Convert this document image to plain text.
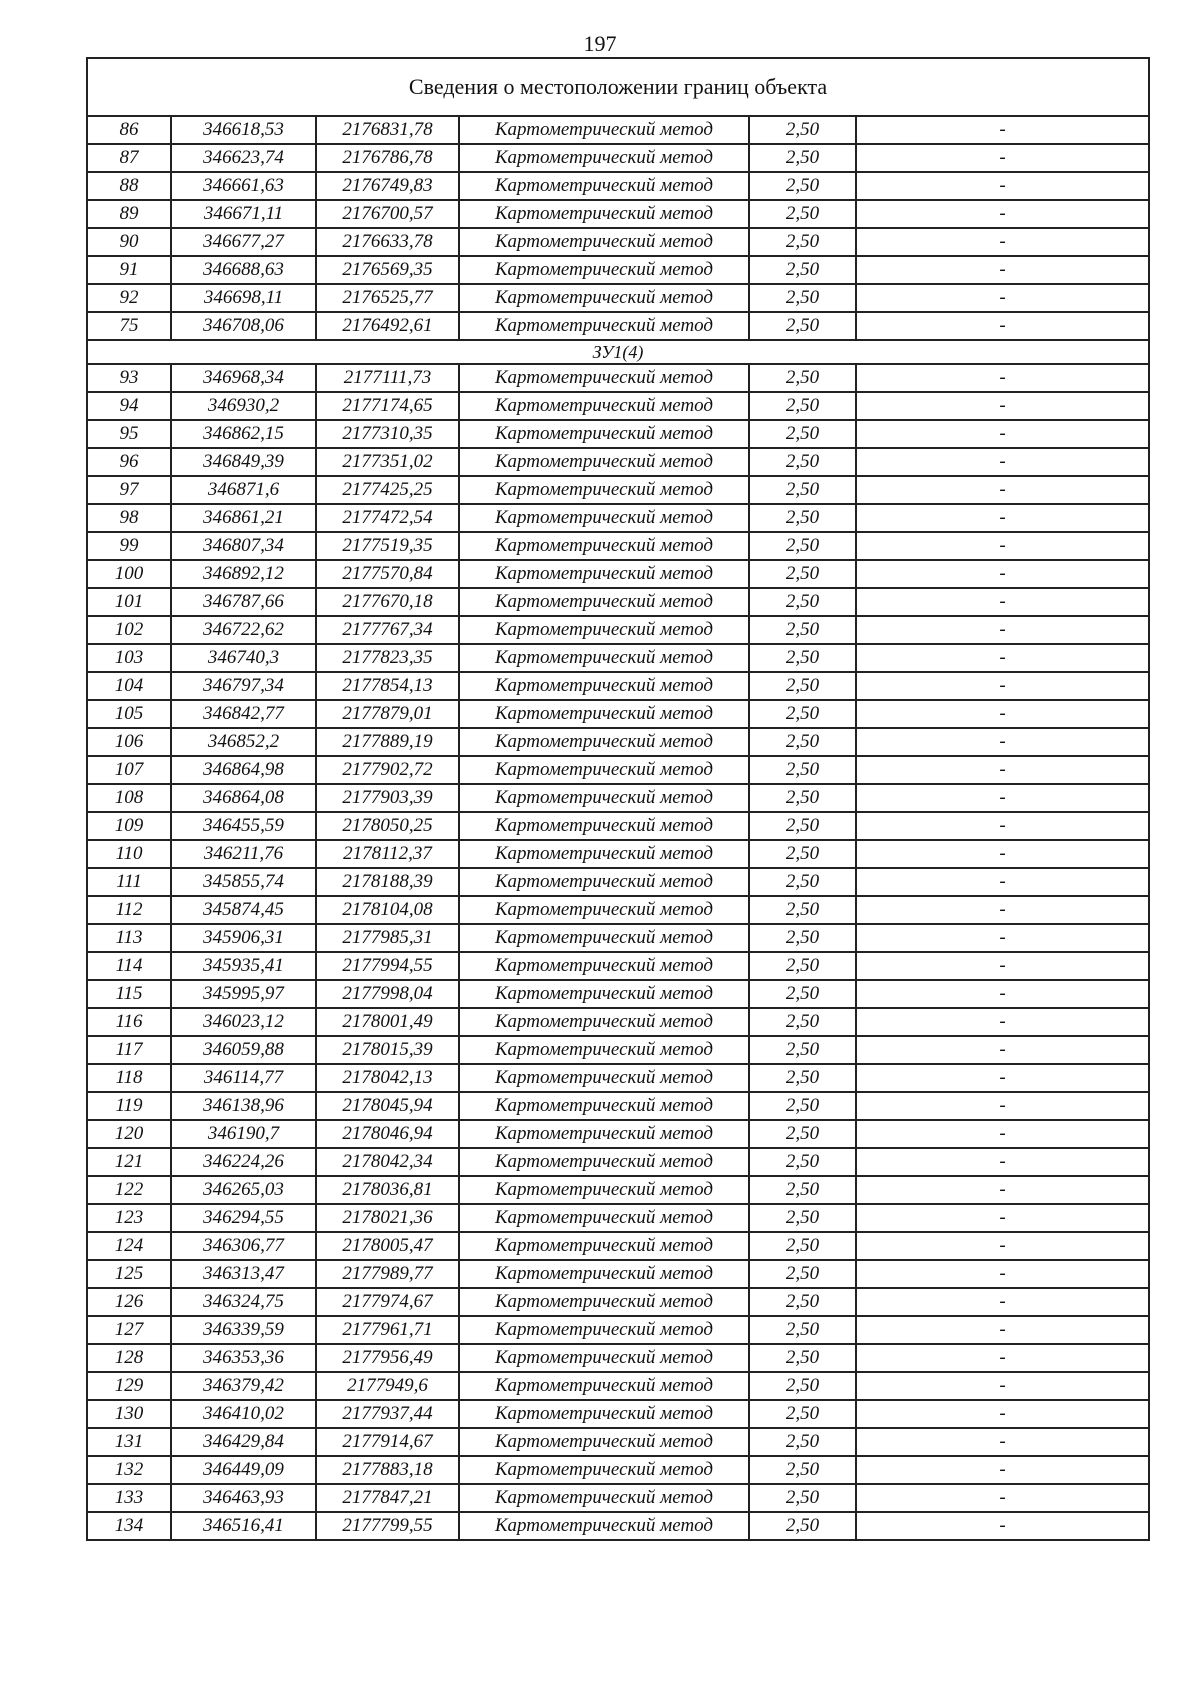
197
Сведения о местоположении границ объекта					
86	346618,53	2176831,78	Картометрический метод	2,50	-
87	346623,74	2176786,78	Картометрический метод	2,50	-
88	346661,63	2176749,83	Картометрический метод	2,50	-
89	346671,11	2176700,57	Картометрический метод	2,50	-
90	346677,27	2176633,78	Картометрический метод	2,50	-
91	346688,63	2176569,35	Картометрический метод	2,50	-
92	346698,11	2176525,77	Картометрический метод	2,50	-
75	346708,06	2176492,61	Картометрический метод	2,50	-
ЗУ1(4)					
93	346968,34	2177111,73	Картометрический метод	2,50	-
94	346930,2	2177174,65	Картометрический метод	2,50	-
95	346862,15	2177310,35	Картометрический метод	2,50	-
96	346849,39	2177351,02	Картометрический метод	2,50	-
97	346871,6	2177425,25	Картометрический метод	2,50	-
98	346861,21	2177472,54	Картометрический метод	2,50	-
99	346807,34	2177519,35	Картометрический метод	2,50	-
100	346892,12	2177570,84	Картометрический метод	2,50	-
101	346787,66	2177670,18	Картометрический метод	2,50	-
102	346722,62	2177767,34	Картометрический метод	2,50	-
103	346740,3	2177823,35	Картометрический метод	2,50	-
104	346797,34	2177854,13	Картометрический метод	2,50	-
105	346842,77	2177879,01	Картометрический метод	2,50	-
106	346852,2	2177889,19	Картометрический метод	2,50	-
107	346864,98	2177902,72	Картометрический метод	2,50	-
108	346864,08	2177903,39	Картометрический метод	2,50	-
109	346455,59	2178050,25	Картометрический метод	2,50	-
110	346211,76	2178112,37	Картометрический метод	2,50	-
111	345855,74	2178188,39	Картометрический метод	2,50	-
112	345874,45	2178104,08	Картометрический метод	2,50	-
113	345906,31	2177985,31	Картометрический метод	2,50	-
114	345935,41	2177994,55	Картометрический метод	2,50	-
115	345995,97	2177998,04	Картометрический метод	2,50	-
116	346023,12	2178001,49	Картометрический метод	2,50	-
117	346059,88	2178015,39	Картометрический метод	2,50	-
118	346114,77	2178042,13	Картометрический метод	2,50	-
119	346138,96	2178045,94	Картометрический метод	2,50	-
120	346190,7	2178046,94	Картометрический метод	2,50	-
121	346224,26	2178042,34	Картометрический метод	2,50	-
122	346265,03	2178036,81	Картометрический метод	2,50	-
123	346294,55	2178021,36	Картометрический метод	2,50	-
124	346306,77	2178005,47	Картометрический метод	2,50	-
125	346313,47	2177989,77	Картометрический метод	2,50	-
126	346324,75	2177974,67	Картометрический метод	2,50	-
127	346339,59	2177961,71	Картометрический метод	2,50	-
128	346353,36	2177956,49	Картометрический метод	2,50	-
129	346379,42	2177949,6	Картометрический метод	2,50	-
130	346410,02	2177937,44	Картометрический метод	2,50	-
131	346429,84	2177914,67	Картометрический метод	2,50	-
132	346449,09	2177883,18	Картометрический метод	2,50	-
133	346463,93	2177847,21	Картометрический метод	2,50	-
134	346516,41	2177799,55	Картометрический метод	2,50	-
